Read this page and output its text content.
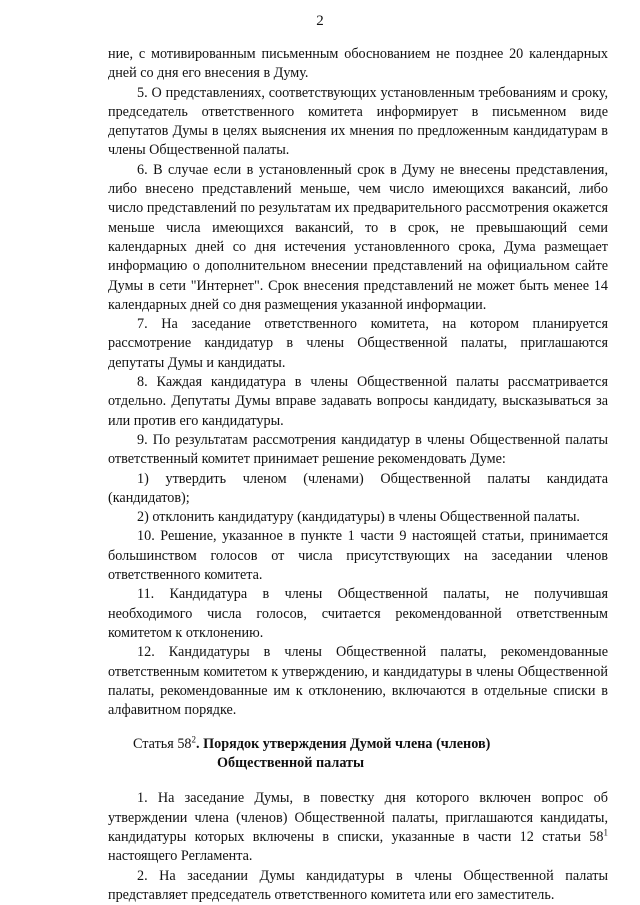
2

ние, с мотивированным письменным обоснованием не позднее 20 календарных дней со дня его внесения в Думу.

5. О представлениях, соответствующих установленным требованиям и сроку, председатель ответственного комитета информирует в письменном виде депутатов Думы в целях выяснения их мнения по предложенным кандидатурам в члены Общественной палаты.

6. В случае если в установленный срок в Думу не внесены представления, либо внесено представлений меньше, чем число имеющихся вакансий, либо число представлений по результатам их предварительного рассмотрения окажется меньше числа имеющихся вакансий, то в срок, не превышающий семи календарных дней со дня истечения установленного срока, Дума размещает информацию о дополнительном внесении представлений на официальном сайте Думы в сети "Интернет". Срок внесения представлений не может быть менее 14 календарных дней со дня размещения указанной информации.

7. На заседание ответственного комитета, на котором планируется рассмотрение кандидатур в члены Общественной палаты, приглашаются депутаты Думы и кандидаты.

8. Каждая кандидатура в члены Общественной палаты рассматривается отдельно. Депутаты Думы вправе задавать вопросы кандидату, высказываться за или против его кандидатуры.

9. По результатам рассмотрения кандидатур в члены Общественной палаты ответственный комитет принимает решение рекомендовать Думе:

1) утвердить членом (членами) Общественной палаты кандидата (кандидатов);

2) отклонить кандидатуру (кандидатуры) в члены Общественной палаты.

10. Решение, указанное в пункте 1 части 9 настоящей статьи, принимается большинством голосов от числа присутствующих на заседании членов ответственного комитета.

11. Кандидатура в члены Общественной палаты, не получившая необходимого числа голосов, считается рекомендованной ответственным комитетом к отклонению.

12. Кандидатуры в члены Общественной палаты, рекомендованные ответственным комитетом к утверждению, и кандидатуры в члены Общественной палаты, рекомендованные им к отклонению, включаются в отдельные списки в алфавитном порядке.

Статья $58^2$. Порядок утверждения Думой члена (членов)
Общественной палаты

1. На заседание Думы, в повестку дня которого включен вопрос об утверждении члена (членов) Общественной палаты, приглашаются кандидаты, кандидатуры которых включены в списки, указанные в части 12 статьи $58^1$ настоящего Регламента.

2. На заседании Думы кандидатуры в члены Общественной палаты представляет председатель ответственного комитета или его заместитель.
